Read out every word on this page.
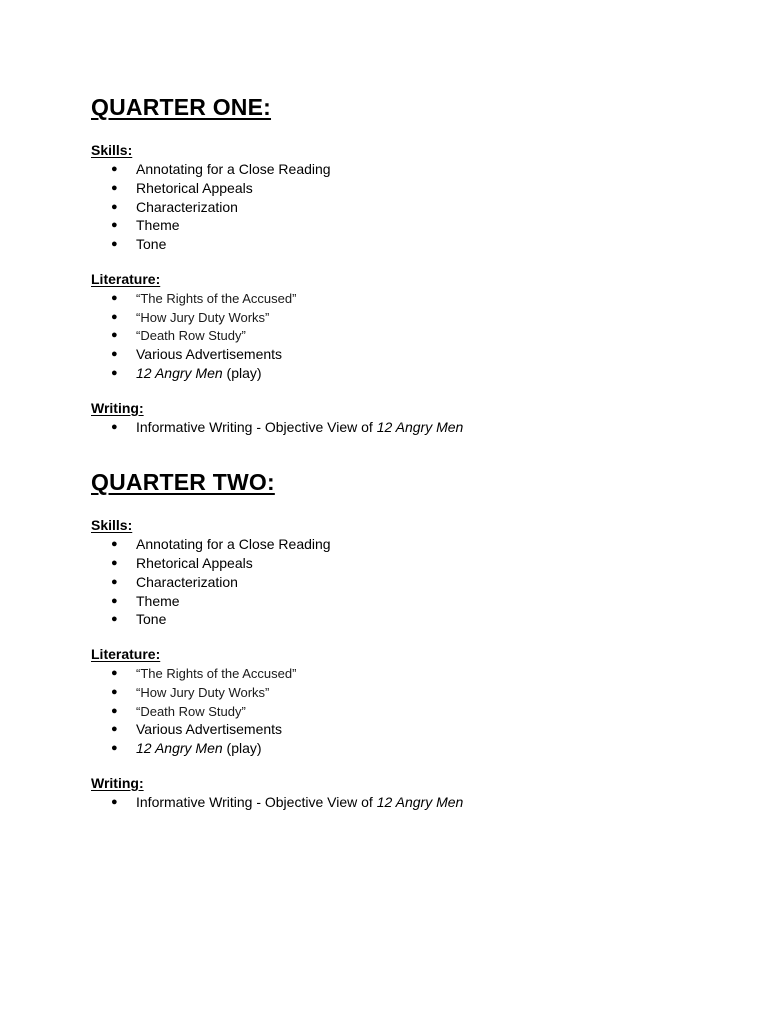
QUARTER ONE:
Skills:
● Annotating for a Close Reading
● Rhetorical Appeals
● Characterization
● Theme
● Tone
Literature:
● “The Rights of the Accused”
● “How Jury Duty Works”
● “Death Row Study”
● Various Advertisements
● 12 Angry Men (play)
Writing:
● Informative Writing - Objective View of 12 Angry Men
QUARTER TWO:
Skills:
● Annotating for a Close Reading
● Rhetorical Appeals
● Characterization
● Theme
● Tone
Literature:
● “The Rights of the Accused”
● “How Jury Duty Works”
● “Death Row Study”
● Various Advertisements
● 12 Angry Men (play)
Writing:
● Informative Writing - Objective View of 12 Angry Men
